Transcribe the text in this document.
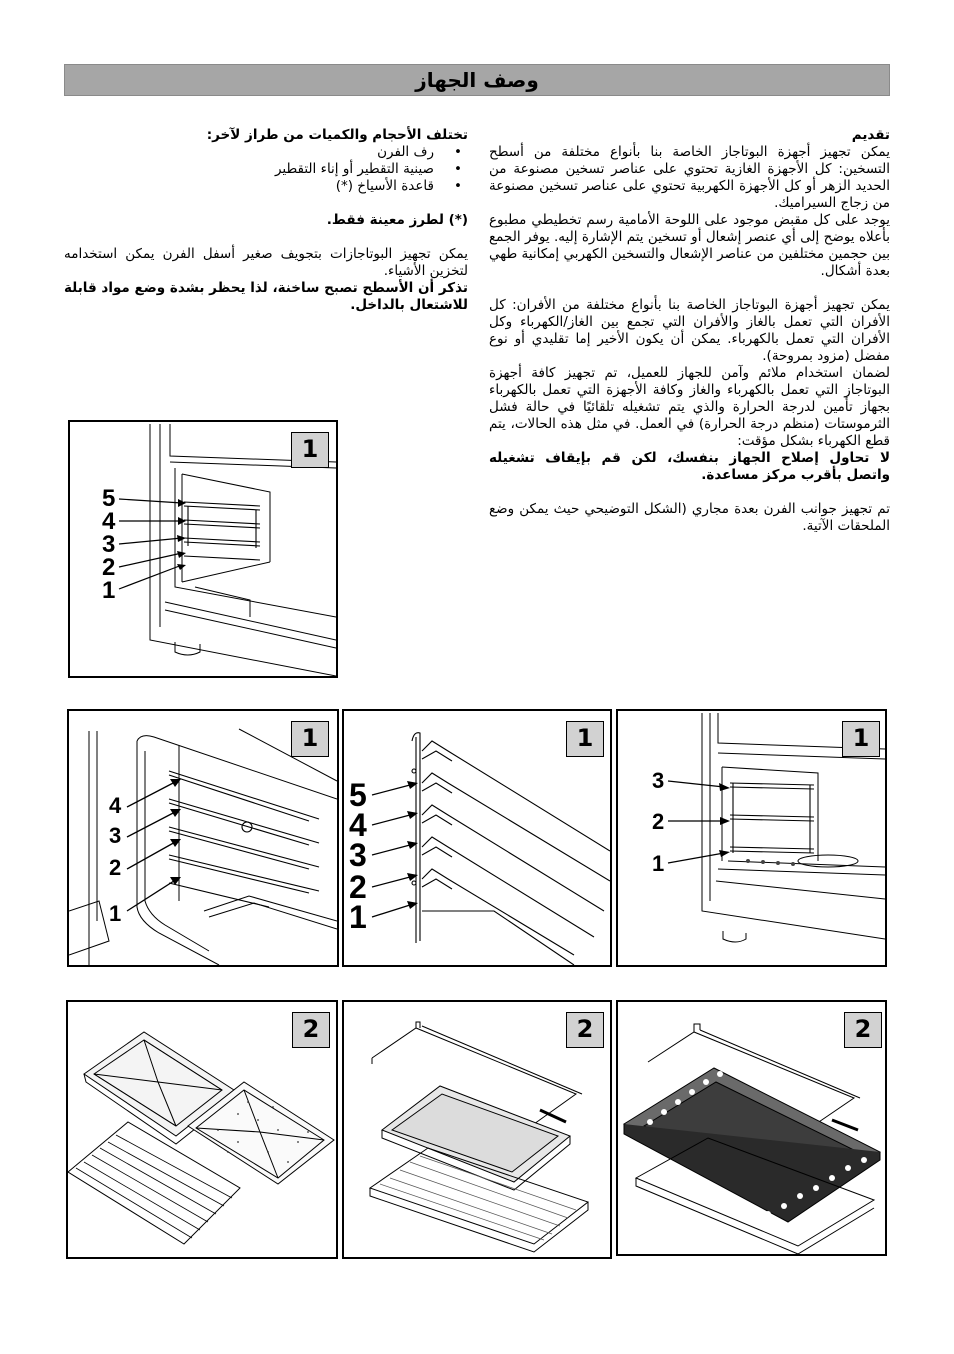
وصف الجهاز

تقديم

يمكن تجهيز أجهزة البوتاجاز الخاصة بنا بأنواع مختلفة من أسطح التسخين: كل الأجهزة الغازية تحتوي على عناصر تسخين مصنوعة من الحديد الزهر أو كل الأجهزة الكهربية تحتوي على عناصر تسخين مصنوعة من زجاج السيراميك.

يوجد على كل مقبض موجود على اللوحة الأمامية رسم تخطيطي مطبوع بأعلاه يوضح إلى أي عنصر إشعال أو تسخين يتم الإشارة إليه. يوفر الجمع بين حجمين مختلفين من عناصر الإشعال والتسخين الكهربي إمكانية طهي بعدة أشكال.

يمكن تجهيز أجهزة البوتاجاز الخاصة بنا بأنواع مختلفة من الأفران: كل الأفران التي تعمل بالغاز والأفران التي تجمع بين الغاز/الكهرباء وكل الأفران التي تعمل بالكهرباء. يمكن أن يكون الأخير إما تقليدي أو نوع مفضل (مزود بمروحة).

لضمان استخدام ملائم وآمن للجهاز للعميل، تم تجهيز كافة أجهزة البوتاجاز التي تعمل بالكهرباء والغاز وكافة الأجهزة التي تعمل بالكهرباء بجهاز تأمين لدرجة الحرارة والذي يتم تشغيله تلقائيًا في حالة فشل الثرموستات (منظم درجة الحرارة) في العمل. في مثل هذه الحالات، يتم قطع الكهرباء بشكل مؤقت:

لا تحاول إصلاح الجهاز بنفسك، لكن قم بإيقاف تشغيله واتصل بأقرب مركز مساعدة.

تم تجهيز جوانب الفرن بعدة مجاري (الشكل التوضيحي حيث يمكن وضع الملحقات الآتية.

تختلف الأحجام والكميات من طراز لآخر:

• رف الفرن
• صينية التقطير أو إناء التقطير
• قاعدة الأسياخ (*)

(*) لطرز معينة فقط.

يمكن تجهيز البوتاجازات بتجويف صغير أسفل الفرن يمكن استخدامه لتخزين الأشياء.

تذكر أن الأسطح تصبح ساخنة، لذا يحظر بشدة وضع مواد قابلة للاشتعال بالداخل.

5
4
3
2
1
1
4
3
2
1
1
5
4
3
2
1
1
3
2
1
1
2	2	2
